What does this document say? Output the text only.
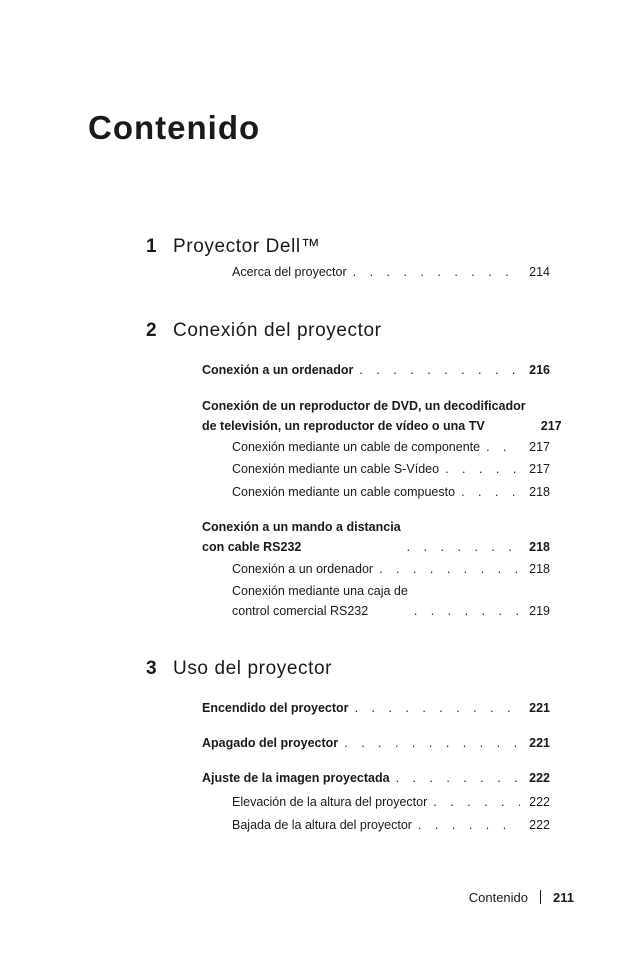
Contenido
1 Proyector Dell™
Acerca del proyector . . .	214
2 Conexión del proyector
Conexión a un ordenador . . .	216
Conexión de un reproductor de DVD, un decodificador
de televisión, un reproductor de vídeo o una TV	217
Conexión mediante un cable de componente . . .	217
Conexión mediante un cable S-Vídeo . . .	217
Conexión mediante un cable compuesto . . .	218
Conexión a un mando a distancia
con cable RS232 . . .	218
Conexión a un ordenador . . .	218
Conexión mediante una caja de
control comercial RS232 . . .	219
3 Uso del proyector
Encendido del proyector . . .	221
Apagado del proyector . . .	221
Ajuste de la imagen proyectada . . .	222
Elevación de la altura del proyector . . .	222
Bajada de la altura del proyector . . .	222
Contenido 211
